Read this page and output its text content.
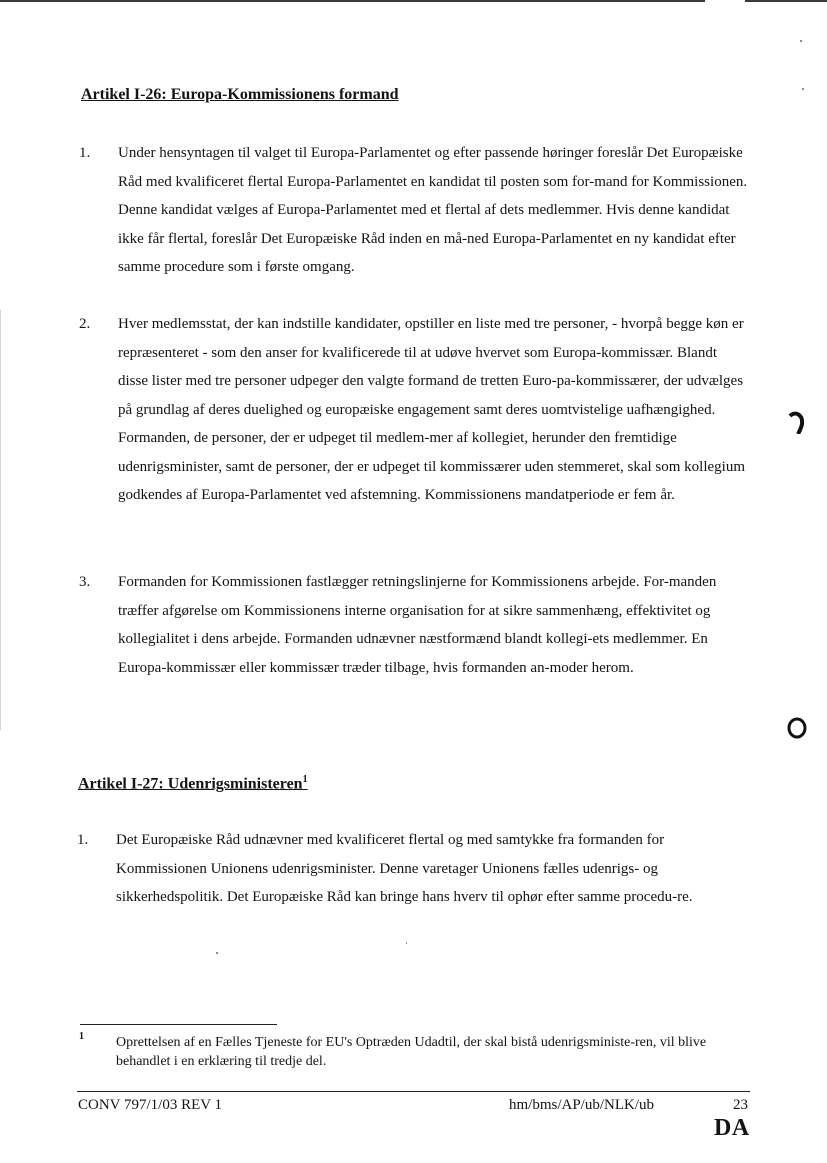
Artikel I-26: Europa-Kommissionens formand
1. Under hensyntagen til valget til Europa-Parlamentet og efter passende høringer foreslår Det Europæiske Råd med kvalificeret flertal Europa-Parlamentet en kandidat til posten som for-mand for Kommissionen. Denne kandidat vælges af Europa-Parlamentet med et flertal af dets medlemmer. Hvis denne kandidat ikke får flertal, foreslår Det Europæiske Råd inden en må-ned Europa-Parlamentet en ny kandidat efter samme procedure som i første omgang.

2. Hver medlemsstat, der kan indstille kandidater, opstiller en liste med tre personer, - hvorpå begge køn er repræsenteret - som den anser for kvalificerede til at udøve hvervet som Europa-kommissær. Blandt disse lister med tre personer udpeger den valgte formand de tretten Euro-pa-kommissærer, der udvælges på grundlag af deres duelighed og europæiske engagement samt deres uomtvistelige uafhængighed. Formanden, de personer, der er udpeget til medlem-mer af kollegiet, herunder den fremtidige udenrigsminister, samt de personer, der er udpeget til kommissærer uden stemmeret, skal som kollegium godkendes af Europa-Parlamentet ved afstemning. Kommissionens mandatperiode er fem år.

3. Formanden for Kommissionen fastlægger retningslinjerne for Kommissionens arbejde. For-manden træffer afgørelse om Kommissionens interne organisation for at sikre sammenhæng, effektivitet og kollegialitet i dens arbejde. Formanden udnævner næstformænd blandt kollegi-ets medlemmer. En Europa-kommissær eller kommissær træder tilbage, hvis formanden an-moder herom.

Artikel I-27: Udenrigsministeren$^1$
1. Det Europæiske Råd udnævner med kvalificeret flertal og med samtykke fra formanden for Kommissionen Unionens udenrigsminister. Denne varetager Unionens fælles udenrigs- og sikkerhedspolitik. Det Europæiske Råd kan bringe hans hverv til ophør efter samme procedu-re.

1 Oprettelsen af en Fælles Tjeneste for EU's Optræden Udadtil, der skal bistå udenrigsministe-ren, vil blive behandlet i en erklæring til tredje del.

CONV 797/1/03 REV 1	hm/bms/AP/ub/NLK/ub	23
DA
